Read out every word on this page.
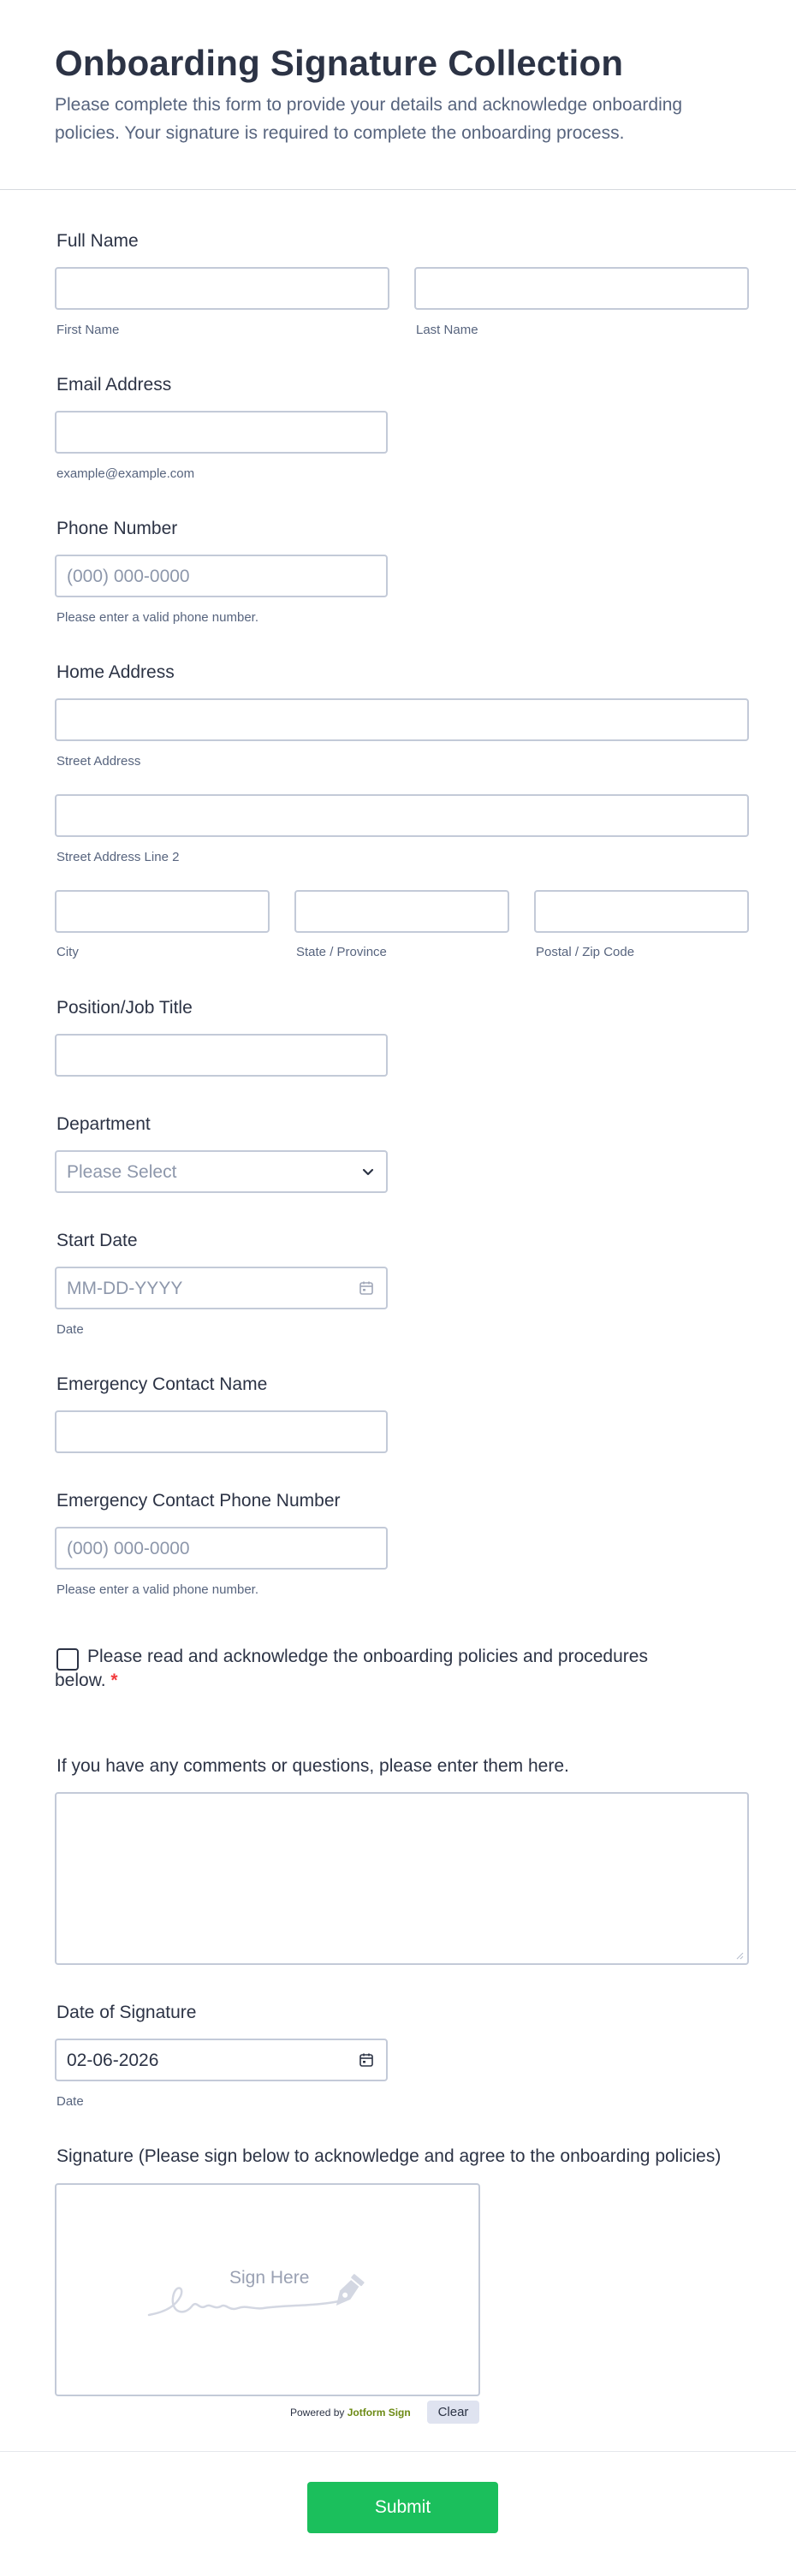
Onboarding Signature Collection
Please complete this form to provide your details and acknowledge onboarding policies. Your signature is required to complete the onboarding process.
Full Name
First Name	Last Name
Email Address
example@example.com
Phone Number
(000) 000-0000
Please enter a valid phone number.
Home Address
Street Address
Street Address Line 2
City	State / Province	Postal / Zip Code
Position/Job Title
Department
Please Select
Start Date
MM-DD-YYYY
Date
Emergency Contact Name
Emergency Contact Phone Number
(000) 000-0000
Please enter a valid phone number.
Please read and acknowledge the onboarding policies and procedures below. *
If you have any comments or questions, please enter them here.
Date of Signature
02-06-2026
Date
Signature (Please sign below to acknowledge and agree to the onboarding policies)
Sign Here
Powered by Jotform Sign	Clear
Submit
